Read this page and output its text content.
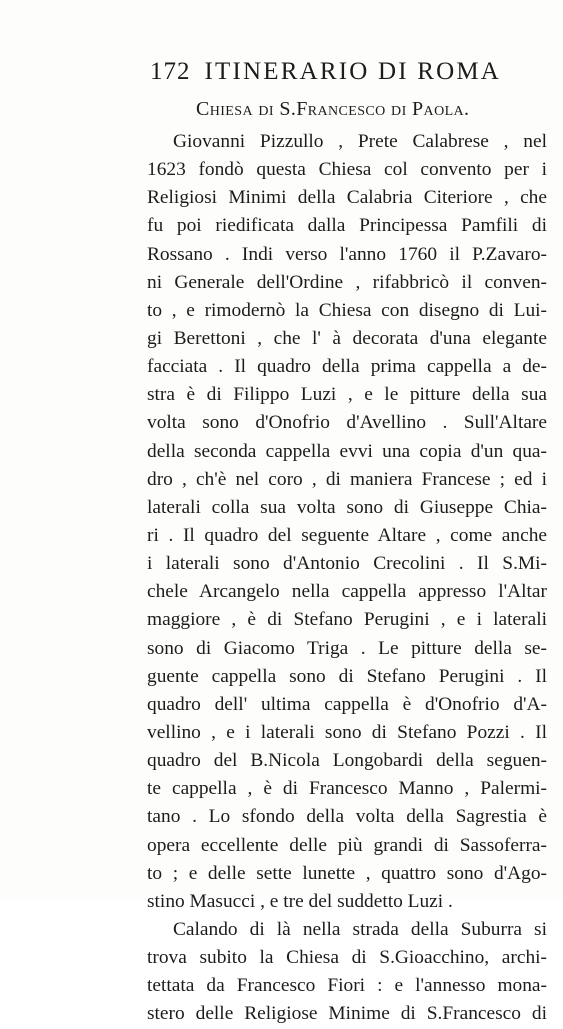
172 ITINERARIO DI ROMA
Chiesa di S.Francesco di Paola.
Giovanni Pizzullo , Prete Calabrese , nel
1623 fondò questa Chiesa col convento per i
Religiosi Minimi della Calabria Citeriore , che
fu poi riedificata dalla Principessa Pamfili di
Rossano . Indi verso l'anno 1760 il P.Zavaro-
ni Generale dell'Ordine , rifabbricò il conven-
to , e rimodernò la Chiesa con disegno di Lui-
gi Berettoni , che l' à decorata d'una elegante
facciata . Il quadro della prima cappella a de-
stra è di Filippo Luzi , e le pitture della sua
volta sono d'Onofrio d'Avellino . Sull'Altare
della seconda cappella evvi una copia d'un qua-
dro , ch'è nel coro , di maniera Francese ; ed i
laterali colla sua volta sono di Giuseppe Chia-
ri . Il quadro del seguente Altare , come anche
i laterali sono d'Antonio Crecolini . Il S.Mi-
chele Arcangelo nella cappella appresso l'Altar
maggiore , è di Stefano Perugini , e i laterali
sono di Giacomo Triga . Le pitture della se-
guente cappella sono di Stefano Perugini . Il
quadro dell' ultima cappella è d'Onofrio d'A-
vellino , e i laterali sono di Stefano Pozzi . Il
quadro del B.Nicola Longobardi della seguen-
te cappella , è di Francesco Manno , Palermi-
tano . Lo sfondo della volta della Sagrestia è
opera eccellente delle più grandi di Sassoferra-
to ; e delle sette lunette , quattro sono d'Ago-
stino Masucci , e tre del suddetto Luzi .
Calando di là nella strada della Suburra si
trova subito la Chiesa di S.Gioacchino, archi-
tettata da Francesco Fiori : e l'annesso mona-
stero delle Religiose Minime di S.Francesco di
